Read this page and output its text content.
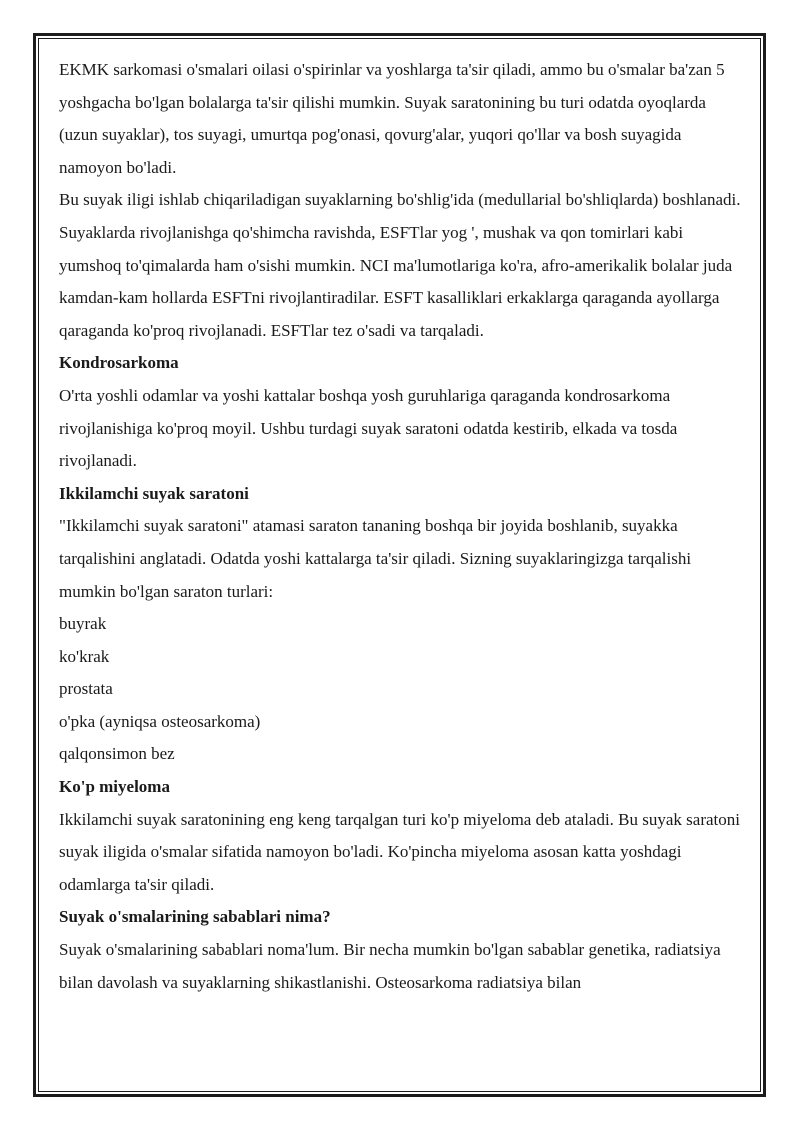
EKMK sarkomasi o'smalari oilasi o'spirinlar va yoshlarga ta'sir qiladi, ammo bu o'smalar ba'zan 5 yoshgacha bo'lgan bolalarga ta'sir qilishi mumkin. Suyak saratonining bu turi odatda oyoqlarda (uzun suyaklar), tos suyagi, umurtqa pog'onasi, qovurg'alar, yuqori qo'llar va bosh suyagida namoyon bo'ladi.

Bu suyak iligi ishlab chiqariladigan suyaklarning bo'shlig'ida (medullarial bo'shliqlarda) boshlanadi. Suyaklarda rivojlanishga qo'shimcha ravishda, ESFTlar yog ', mushak va qon tomirlari kabi yumshoq to'qimalarda ham o'sishi mumkin. NCI ma'lumotlariga ko'ra, afro-amerikalik bolalar juda kamdan-kam hollarda ESFTni rivojlantiradilar. ESFT kasalliklari erkaklarga qaraganda ayollarga qaraganda ko'proq rivojlanadi. ESFTlar tez o'sadi va tarqaladi.

Kondrosarkoma

O'rta yoshli odamlar va yoshi kattalar boshqa yosh guruhlariga qaraganda kondrosarkoma rivojlanishiga ko'proq moyil. Ushbu turdagi suyak saratoni odatda kestirib, elkada va tosda rivojlanadi.

Ikkilamchi suyak saratoni

"Ikkilamchi suyak saratoni" atamasi saraton tananing boshqa bir joyida boshlanib, suyakka tarqalishini anglatadi. Odatda yoshi kattalarga ta'sir qiladi. Sizning suyaklaringizga tarqalishi mumkin bo'lgan saraton turlari:

buyrak
ko'krak
prostata
o'pka (ayniqsa osteosarkoma)
qalqonsimon bez
Ko'p miyeloma

Ikkilamchi suyak saratonining eng keng tarqalgan turi ko'p miyeloma deb ataladi. Bu suyak saratoni suyak iligida o'smalar sifatida namoyon bo'ladi. Ko'pincha miyeloma asosan katta yoshdagi odamlarga ta'sir qiladi.

Suyak o'smalarining sabablari nima?

Suyak o'smalarining sabablari noma'lum. Bir necha mumkin bo'lgan sabablar genetika, radiatsiya bilan davolash va suyaklarning shikastlanishi. Osteosarkoma radiatsiya bilan
